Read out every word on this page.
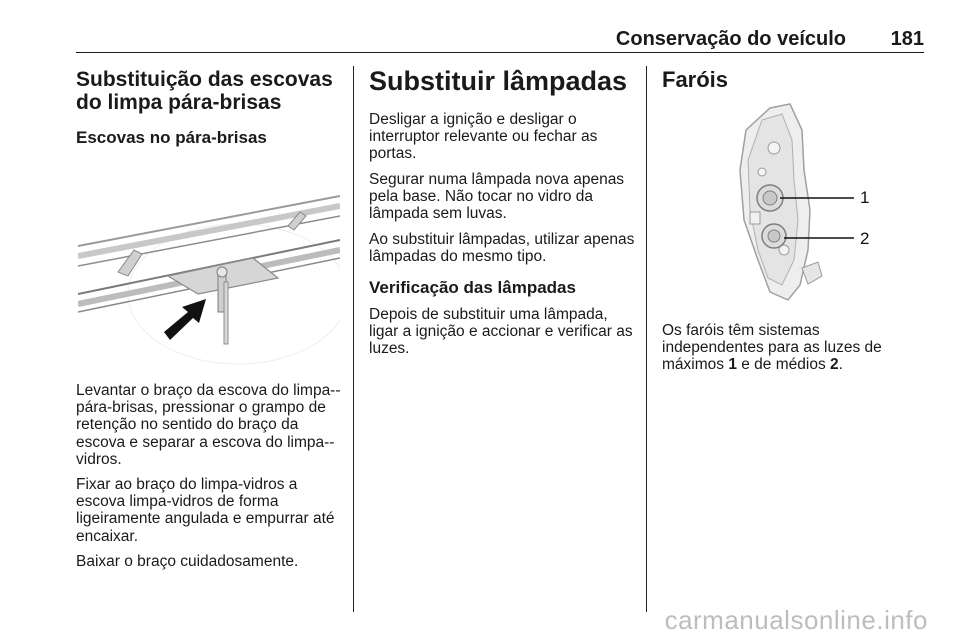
Conservação do veículo 181
Substituição das escovas do limpa pára-brisas
Escovas no pára-brisas

Levantar o braço da escova do limpa--pára-brisas, pressionar o grampo de retenção no sentido do braço da escova e separar a escova do limpa--vidros.

Fixar ao braço do limpa-vidros a escova limpa-vidros de forma ligeiramente angulada e empurrar até encaixar.

Baixar o braço cuidadosamente.

Substituir lâmpadas

Desligar a ignição e desligar o interruptor relevante ou fechar as portas.

Segurar numa lâmpada nova apenas pela base. Não tocar no vidro da lâmpada sem luvas.

Ao substituir lâmpadas, utilizar apenas lâmpadas do mesmo tipo.

Verificação das lâmpadas

Depois de substituir uma lâmpada, ligar a ignição e accionar e verificar as luzes.

Faróis
1
2

Os faróis têm sistemas independentes para as luzes de máximos 1 e de médios 2.

carmanualsonline.info
